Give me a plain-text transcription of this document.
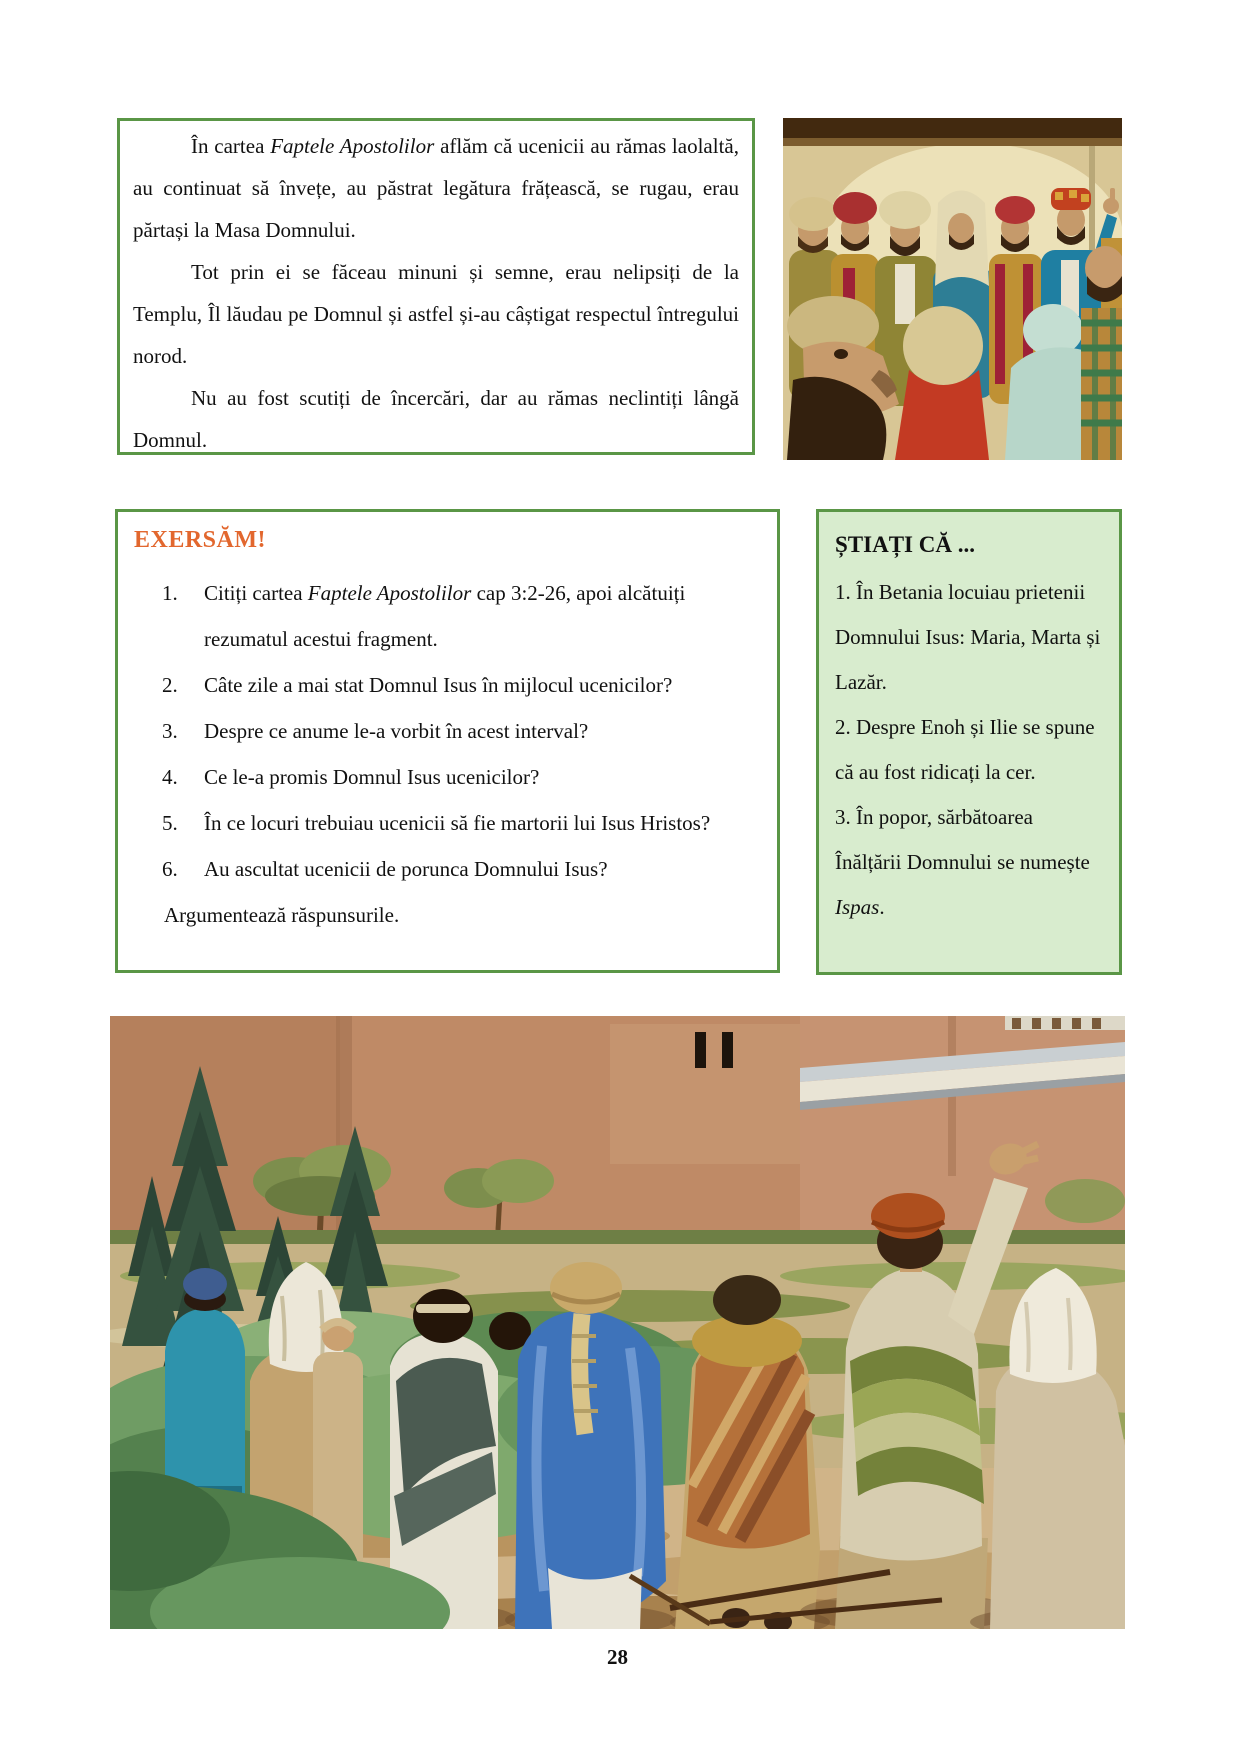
În cartea Faptele Apostolilor aflăm că ucenicii au rămas laolaltă, au continuat să învețe, au păstrat legătura frățească, se rugau, erau părtași la Masa Domnului.

Tot prin ei se făceau minuni și semne, erau nelipsiți de la Templu, Îl lăudau pe Domnul și astfel și-au câștigat respectul întregului norod.

Nu au fost scutiți de încercări, dar au rămas neclintiți lângă Domnul.

EXERSĂM!
1. Citiți cartea Faptele Apostolilor cap 3:2-26, apoi alcătuiți rezumatul acestui fragment.
2. Câte zile a mai stat Domnul Isus în mijlocul ucenicilor?
3. Despre ce anume le-a vorbit în acest interval?
4. Ce le-a promis Domnul Isus ucenicilor?
5. În ce locuri trebuiau ucenicii să fie martorii lui Isus Hristos?
6. Au ascultat ucenicii de porunca Domnului Isus?

Argumentează răspunsurile.

ȘTIAȚI CĂ ...

1. În Betania locuiau prietenii Domnului Isus: Maria, Marta și Lazăr.

2. Despre Enoh și Ilie se spune că au fost ridicați la cer.

3. În popor, sărbătoarea Înălțării Domnului se numește Ispas.

28
